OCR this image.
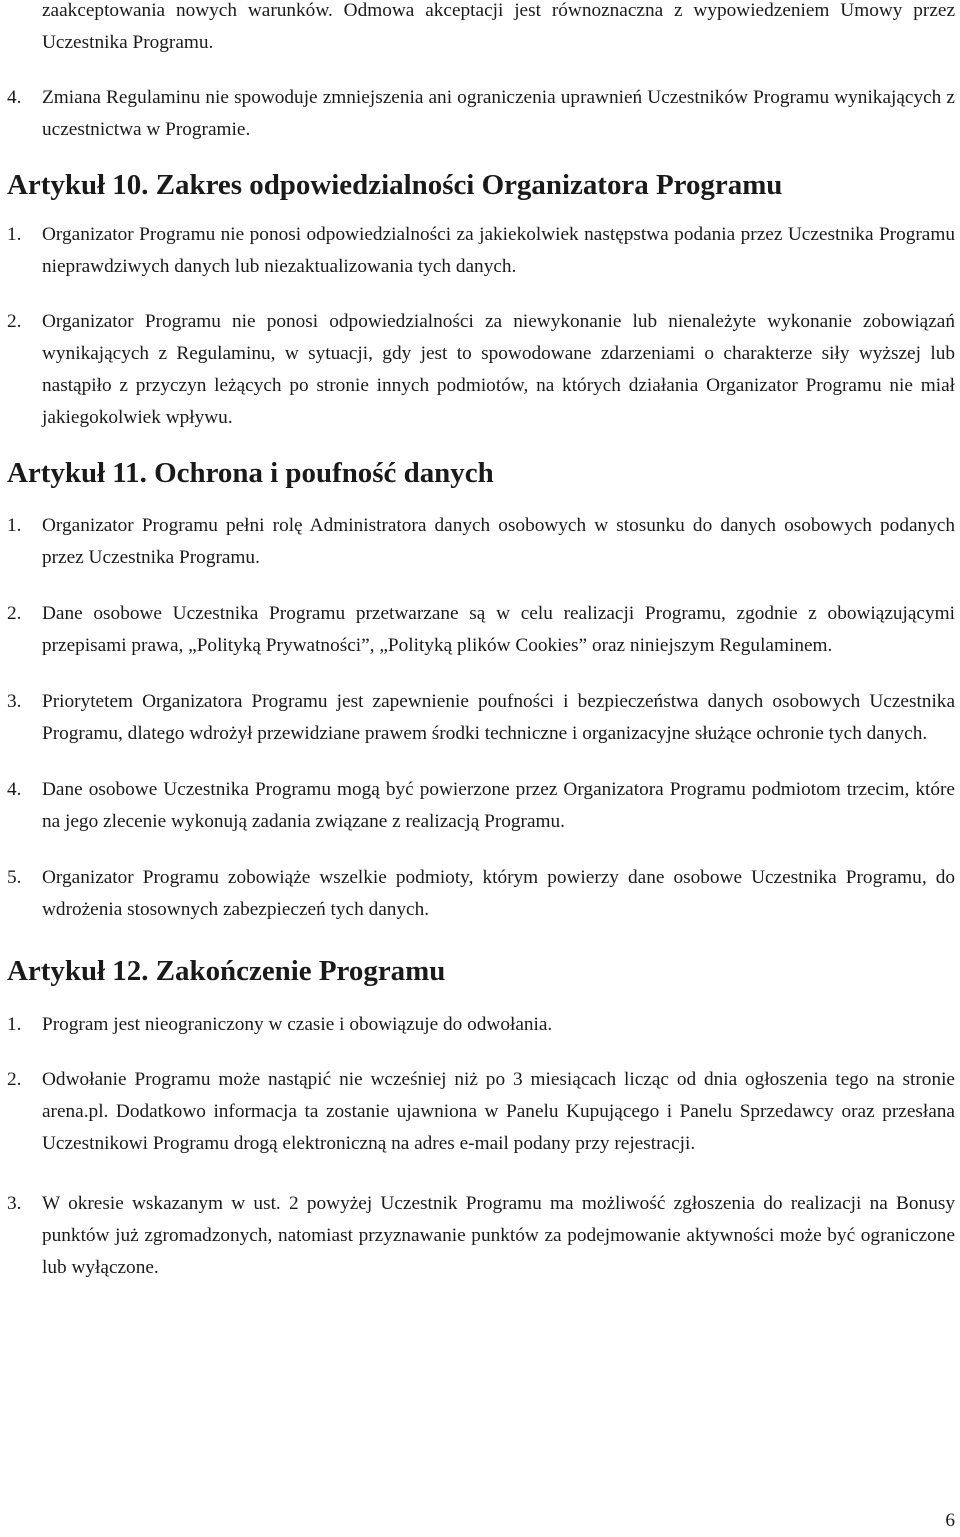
zaakceptowania nowych warunków. Odmowa akceptacji jest równoznaczna z wypowiedzeniem Umowy przez Uczestnika Programu.

4.	Zmiana Regulaminu nie spowoduje zmniejszenia ani ograniczenia uprawnień Uczestników Programu wynikających z uczestnictwa w Programie.
Artykuł 10. Zakres odpowiedzialności Organizatora Programu
1.	Organizator Programu nie ponosi odpowiedzialności za jakiekolwiek następstwa podania przez Uczestnika Programu nieprawdziwych danych lub niezaktualizowania tych danych.
2.	Organizator Programu nie ponosi odpowiedzialności za niewykonanie lub nienależyte wykonanie zobowiązań wynikających z Regulaminu, w sytuacji, gdy jest to spowodowane zdarzeniami o charakterze siły wyższej lub nastąpiło z przyczyn leżących po stronie innych podmiotów, na których działania Organizator Programu nie miał jakiegokolwiek wpływu.
Artykuł 11. Ochrona i poufność danych
1.	Organizator Programu pełni rolę Administratora danych osobowych w stosunku do danych osobowych podanych przez Uczestnika Programu.
2.	Dane osobowe Uczestnika Programu przetwarzane są w celu realizacji Programu, zgodnie z obowiązującymi przepisami prawa, „Polityką Prywatności”, „Polityką plików Cookies” oraz niniejszym Regulaminem.
3.	Priorytetem Organizatora Programu jest zapewnienie poufności i bezpieczeństwa danych osobowych Uczestnika Programu, dlatego wdrożył przewidziane prawem środki techniczne i organizacyjne służące ochronie tych danych.
4.	Dane osobowe Uczestnika Programu mogą być powierzone przez Organizatora Programu podmiotom trzecim, które na jego zlecenie wykonują zadania związane z realizacją Programu.
5.	Organizator Programu zobowiąże wszelkie podmioty, którym powierzy dane osobowe Uczestnika Programu, do wdrożenia stosownych zabezpieczeń tych danych.
Artykuł 12. Zakończenie Programu
1.	Program jest nieograniczony w czasie i obowiązuje do odwołania.
2.	Odwołanie Programu może nastąpić nie wcześniej niż po 3 miesiącach licząc od dnia ogłoszenia tego na stronie arena.pl. Dodatkowo informacja ta zostanie ujawniona w Panelu Kupującego i Panelu Sprzedawcy oraz przesłana Uczestnikowi Programu drogą elektroniczną na adres e-mail podany przy rejestracji.
3.	W okresie wskazanym w ust. 2 powyżej Uczestnik Programu ma możliwość zgłoszenia do realizacji na Bonusy punktów już zgromadzonych, natomiast przyznawanie punktów za podejmowanie aktywności może być ograniczone lub wyłączone.
6
